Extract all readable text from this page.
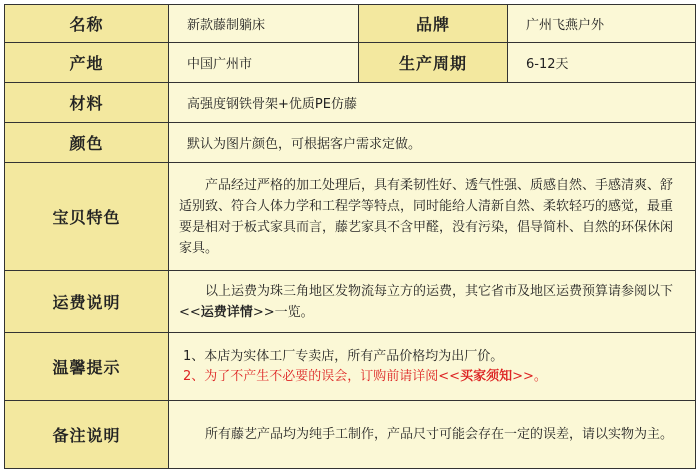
名称	新款藤制躺床	品牌	广州飞燕户外
产地	中国广州市	生产周期	6-12天
材料	高强度钢铁骨架+优质PE仿藤		
颜色	默认为图片颜色，可根据客户需求定做。		
宝贝特色	产品经过严格的加工处理后，具有柔韧性好、透气性强、质感自然、手感清爽、舒适别致、符合人体力学和工程学等特点，同时能给人清新自然、柔软轻巧的感觉，最重要是相对于板式家具而言，藤艺家具不含甲醛，没有污染，倡导简朴、自然的环保休闲家具。		
运费说明	以上运费为珠三角地区发物流每立方的运费，其它省市及地区运费预算请参阅以下<<运费详情>>一览。		
温馨提示	1、本店为实体工厂专卖店，所有产品价格均为出厂价。
2、为了不产生不必要的误会，订购前请详阅<<买家须知>>。		

备注说明	所有藤艺产品均为纯手工制作，产品尺寸可能会存在一定的误差，请以实物为主。		
